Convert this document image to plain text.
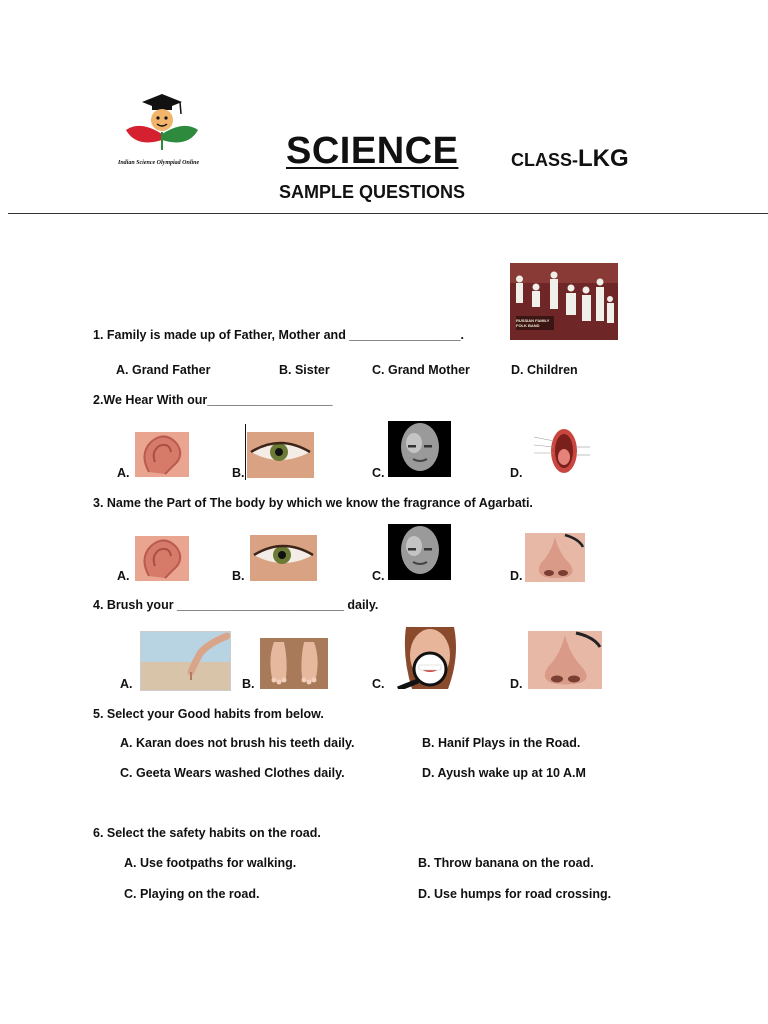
Indian Science Olympiad Online SCIENCE	CLASS-LKG
SAMPLE QUESTIONS
RUSSIAN FAMILY FOLK BAND
1. Family is made up of Father, Mother and ________________.
A. Grand Father	B. Sister	C. Grand Mother	D. Children
2.We Hear With our__________________
A.	B.	C.	D.
3. Name the Part of The body by which we know the fragrance of Agarbati.
A.	B.	C.	D.
4. Brush your ________________________ daily.
A.	B.	C.	D.
5. Select your Good habits from below.
A. Karan does not brush his teeth daily.	B. Hanif Plays in the Road.
C. Geeta Wears washed Clothes daily.	D. Ayush wake up at 10 A.M
6. Select the safety habits on the road.
A. Use footpaths for walking.	B. Throw banana on the road.
C. Playing on the road.	D. Use humps for road crossing.
